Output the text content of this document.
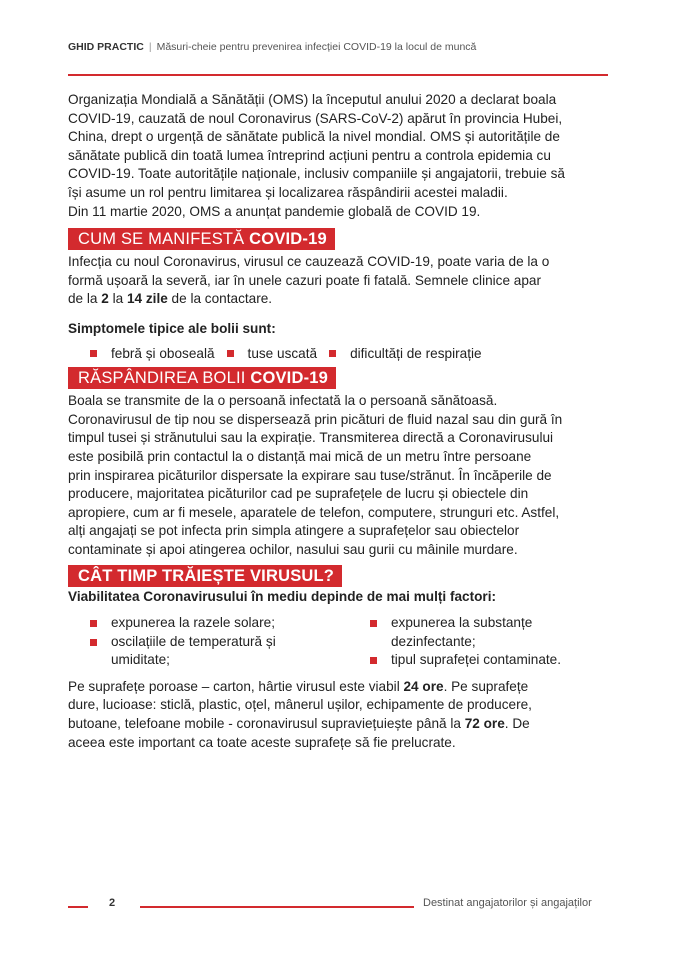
GHID PRACTIC | Măsuri-cheie pentru prevenirea infecției COVID-19 la locul de muncă
Organizația Mondială a Sănătății (OMS) la începutul anului 2020 a declarat boala
COVID-19, cauzată de noul Coronavirus (SARS-CoV-2) apărut în provincia Hubei,
China, drept o urgență de sănătate publică la nivel mondial. OMS și autoritățile de
sănătate publică din toată lumea întreprind acțiuni pentru a controla epidemia cu
COVID-19. Toate autoritățile naționale, inclusiv companiile și angajatorii, trebuie să
își asume un rol pentru limitarea și localizarea răspândirii acestei maladii.
Din 11 martie 2020, OMS a anunțat pandemie globală de COVID 19.
CUM SE MANIFESTĂ COVID-19
Infecția cu noul Coronavirus, virusul ce cauzează COVID-19, poate varia de la o
formă ușoară la severă, iar în unele cazuri poate fi fatală. Semnele clinice apar
de la 2 la 14 zile de la contactare.
Simptomele tipice ale bolii sunt:
febră și oboseală tuse uscată dificultăți de respirație
RĂSPÂNDIREA BOLII COVID-19
Boala se transmite de la o persoană infectată la o persoană sănătoasă.
Coronavirusul de tip nou se dispersează prin picături de fluid nazal sau din gură în
timpul tusei și strănutului sau la expirație. Transmiterea directă a Coronavirusului
este posibilă prin contactul la o distanță mai mică de un metru între persoane
prin inspirarea picăturilor dispersate la expirare sau tuse/strănut. În încăperile de
producere, majoritatea picăturilor cad pe suprafețele de lucru și obiectele din
apropiere, cum ar fi mesele, aparatele de telefon, computere, strunguri etc. Astfel,
alți angajați se pot infecta prin simpla atingere a suprafețelor sau obiectelor
contaminate și apoi atingerea ochilor, nasului sau gurii cu mâinile murdare.
CÂT TIMP TRĂIEȘTE VIRUSUL?
Viabilitatea Coronavirusului în mediu depinde de mai mulți factori:
expunerea la razele solare;
oscilațiile de temperatură și
umiditate;
expunerea la substanțe
dezinfectante;
tipul suprafeței contaminate.
Pe suprafețe poroase – carton, hârtie virusul este viabil 24 ore. Pe suprafețe
dure, lucioase: sticlă, plastic, oțel, mânerul ușilor, echipamente de producere,
butoane, telefoane mobile - coronavirusul supraviețuiește până la 72 ore. De
aceea este important ca toate aceste suprafețe să fie prelucrate.
2	Destinat angajatorilor și angajaților
